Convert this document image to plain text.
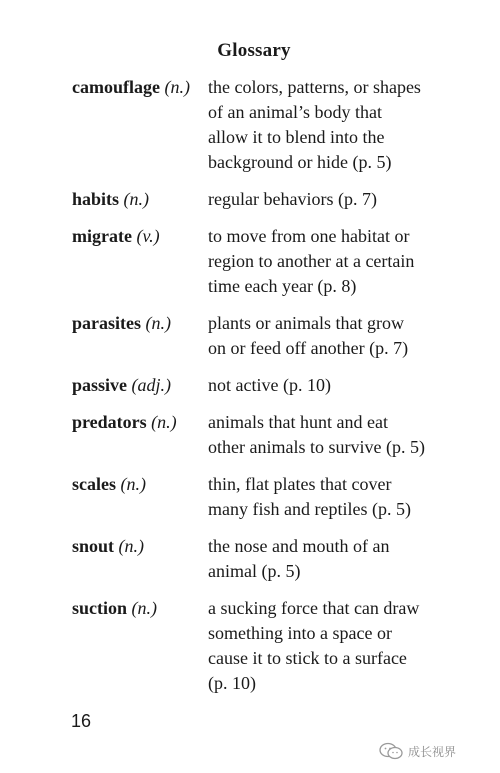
Glossary
camouflage (n.) the colors, patterns, or shapes
of an animal’s body that
allow it to blend into the
background or hide (p. 5)
habits (n.)	regular behaviors (p. 7)
migrate (v.)	to move from one habitat or
region to another at a certain
time each year (p. 8)
parasites (n.) plants or animals that grow
on or feed off another (p. 7)
passive (adj.) not active (p. 10)
predators (n.) animals that hunt and eat
other animals to survive (p. 5)
scales (n.)	thin, flat plates that cover
many fish and reptiles (p. 5)
snout (n.)	the nose and mouth of an
animal (p. 5)
suction (n.)	a sucking force that can draw
something into a space or
cause it to stick to a surface
(p. 10)
16
成长视界
